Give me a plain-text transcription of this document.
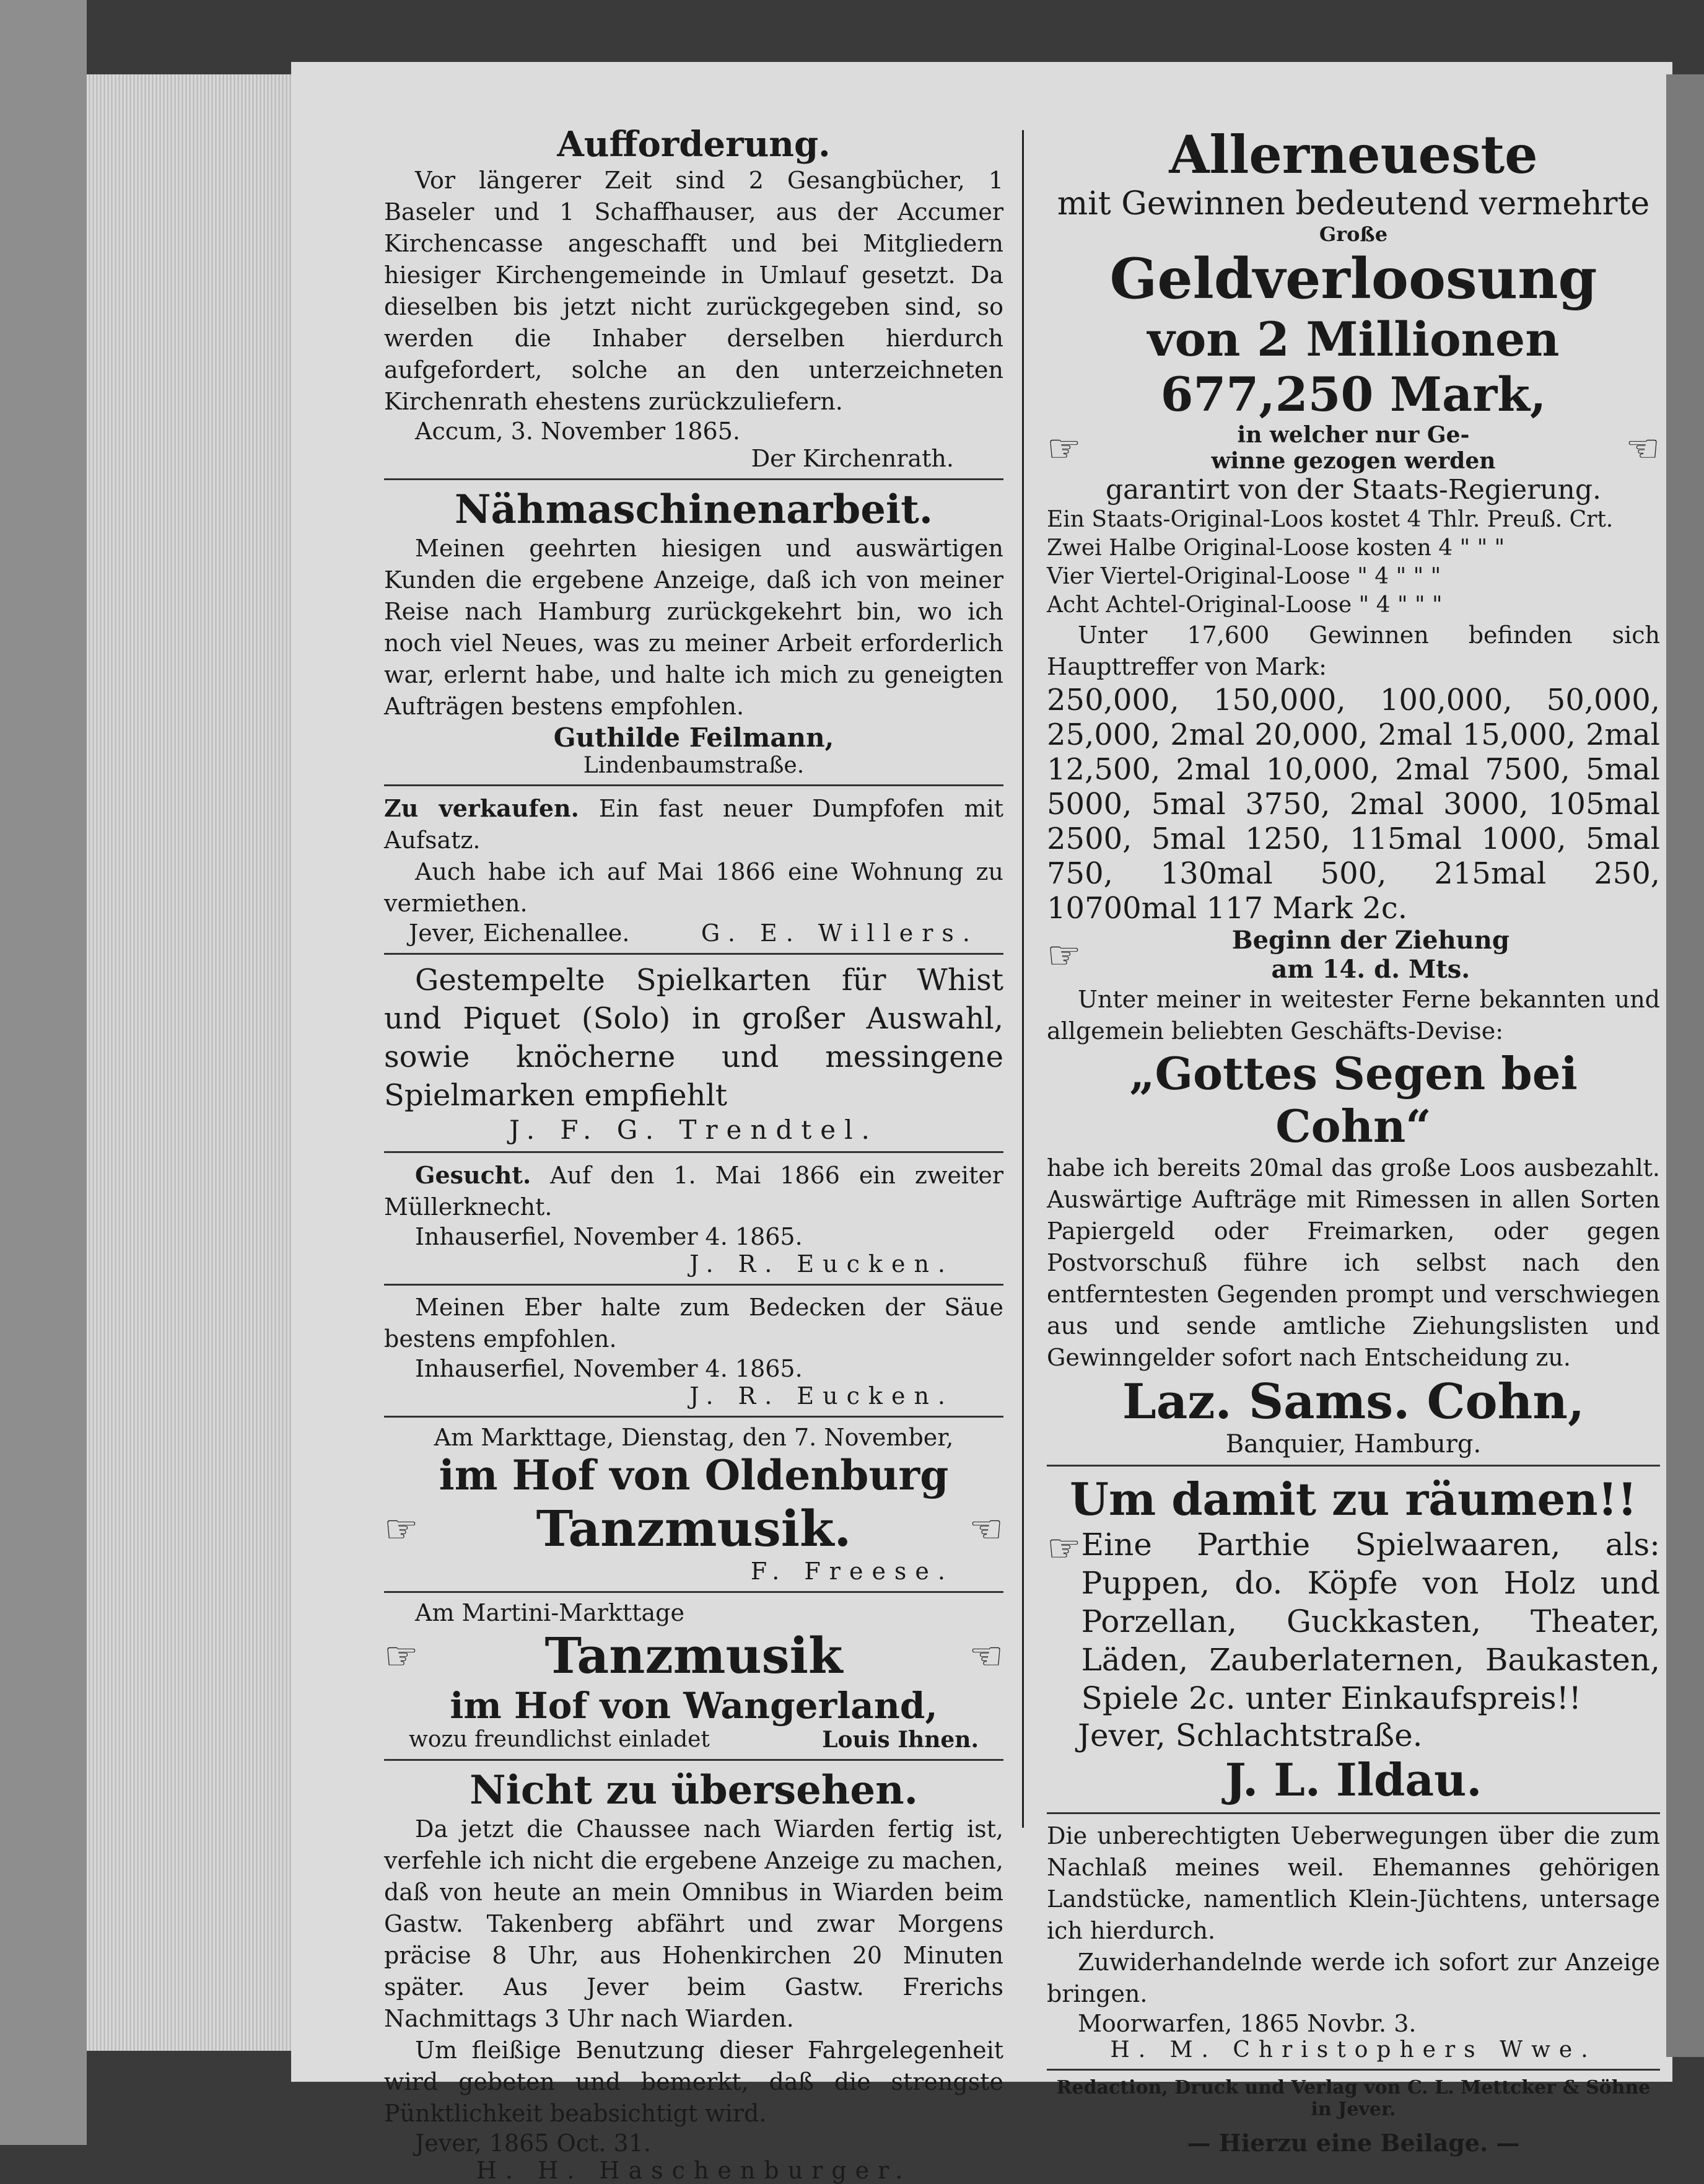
Aufforderung.
Vor längerer Zeit sind 2 Gesangbücher, 1 Baseler und 1 Schaffhauser, aus der Accumer Kirchencasse angeschafft und bei Mitgliedern hiesiger Kirchengemeinde in Umlauf gesetzt. Da dieselben bis jetzt nicht zurückgegeben sind, so werden die Inhaber derselben hierdurch aufgefordert, solche an den unterzeichneten Kirchenrath ehestens zurückzuliefern.
Accum, 3. November 1865.
Der Kirchenrath.
Nähmaschinenarbeit.
Meinen geehrten hiesigen und auswärtigen Kunden die ergebene Anzeige, daß ich von meiner Reise nach Hamburg zurückgekehrt bin, wo ich noch viel Neues, was zu meiner Arbeit erforderlich war, erlernt habe, und halte ich mich zu geneigten Aufträgen bestens empfohlen.
Guthilde Feilmann,
Lindenbaumstraße.
Zu verkaufen. Ein fast neuer Dumpfofen mit Aufsatz.
Auch habe ich auf Mai 1866 eine Wohnung zu vermiethen.
Jever, Eichenallee.	G. E. Willers.
Gestempelte Spielkarten für Whist und Piquet (Solo) in großer Auswahl, sowie knöcherne und messingene Spielmarken empfiehlt
J. F. G. Trendtel.
Gesucht. Auf den 1. Mai 1866 ein zweiter Müllerknecht.
Inhauserfiel, November 4. 1865.
J. R. Eucken.
Meinen Eber halte zum Bedecken der Säue bestens empfohlen.
Inhauserfiel, November 4. 1865.
J. R. Eucken.
Am Markttage, Dienstag, den 7. November,
im Hof von Oldenburg
☞ Tanzmusik.	☜
F. Freese.
Am Martini-Markttage
☞	Tanzmusik	☜
im Hof von Wangerland,
wozu freundlichst einladet	Louis Ihnen.
Nicht zu übersehen.
Da jetzt die Chaussee nach Wiarden fertig ist, verfehle ich nicht die ergebene Anzeige zu machen, daß von heute an mein Omnibus in Wiarden beim Gastw. Takenberg abfährt und zwar Morgens präcise 8 Uhr, aus Hohenkirchen 20 Minuten später. Aus Jever beim Gastw. Frerichs Nachmittags 3 Uhr nach Wiarden.
Um fleißige Benutzung dieser Fahrgelegenheit wird gebeten und bemerkt, daß die strengste Pünktlichkeit beabsichtigt wird.
Jever, 1865 Oct. 31.
H. H. Haschenburger.
Allerneueste
mit Gewinnen bedeutend vermehrte
Große
Geldverloosung
von 2 Millionen 677,250 Mark,
☞	in welcher nur Ge-
winne gezogen werden	☜
garantirt von der Staats-Regierung.
Ein Staats-Original-Loos kostet 4 Thlr. Preuß. Crt.
Zwei Halbe Original-Loose kosten 4 " " "
Vier Viertel-Original-Loose " 4 " " "
Acht Achtel-Original-Loose " 4 " " "
Unter 17,600 Gewinnen befinden sich Haupttreffer von Mark:
250,000, 150,000, 100,000, 50,000, 25,000, 2mal 20,000, 2mal 15,000, 2mal 12,500, 2mal 10,000, 2mal 7500, 5mal 5000, 5mal 3750, 2mal 3000, 105mal 2500, 5mal 1250, 115mal 1000, 5mal 750, 130mal 500, 215mal 250, 10700mal 117 Mark 2c.
☞	Beginn der Ziehung
am 14. d. Mts.
Unter meiner in weitester Ferne bekannten und allgemein beliebten Geschäfts-Devise:
„Gottes Segen bei Cohn“
habe ich bereits 20mal das große Loos ausbezahlt. Auswärtige Aufträge mit Rimessen in allen Sorten Papiergeld oder Freimarken, oder gegen Postvorschuß führe ich selbst nach den entferntesten Gegenden prompt und verschwiegen aus und sende amtliche Ziehungslisten und Gewinngelder sofort nach Entscheidung zu.
Laz. Sams. Cohn,
Banquier, Hamburg.
Um damit zu räumen!!
☞ Eine Parthie Spielwaaren, als: Puppen, do. Köpfe von Holz und Porzellan, Guckkasten, Theater, Läden, Zauberlaternen, Baukasten, Spiele 2c. unter Einkaufspreis!!
Jever, Schlachtstraße.
J. L. Ildau.
Die unberechtigten Ueberwegungen über die zum Nachlaß meines weil. Ehemannes gehörigen Landstücke, namentlich Klein-Jüchtens, untersage ich hierdurch.
Zuwiderhandelnde werde ich sofort zur Anzeige bringen.
Moorwarfen, 1865 Novbr. 3.
H. M. Christophers Wwe.
Redaction, Druck und Verlag von C. L. Mettcker & Söhne in Jever.
— Hierzu eine Beilage. —
